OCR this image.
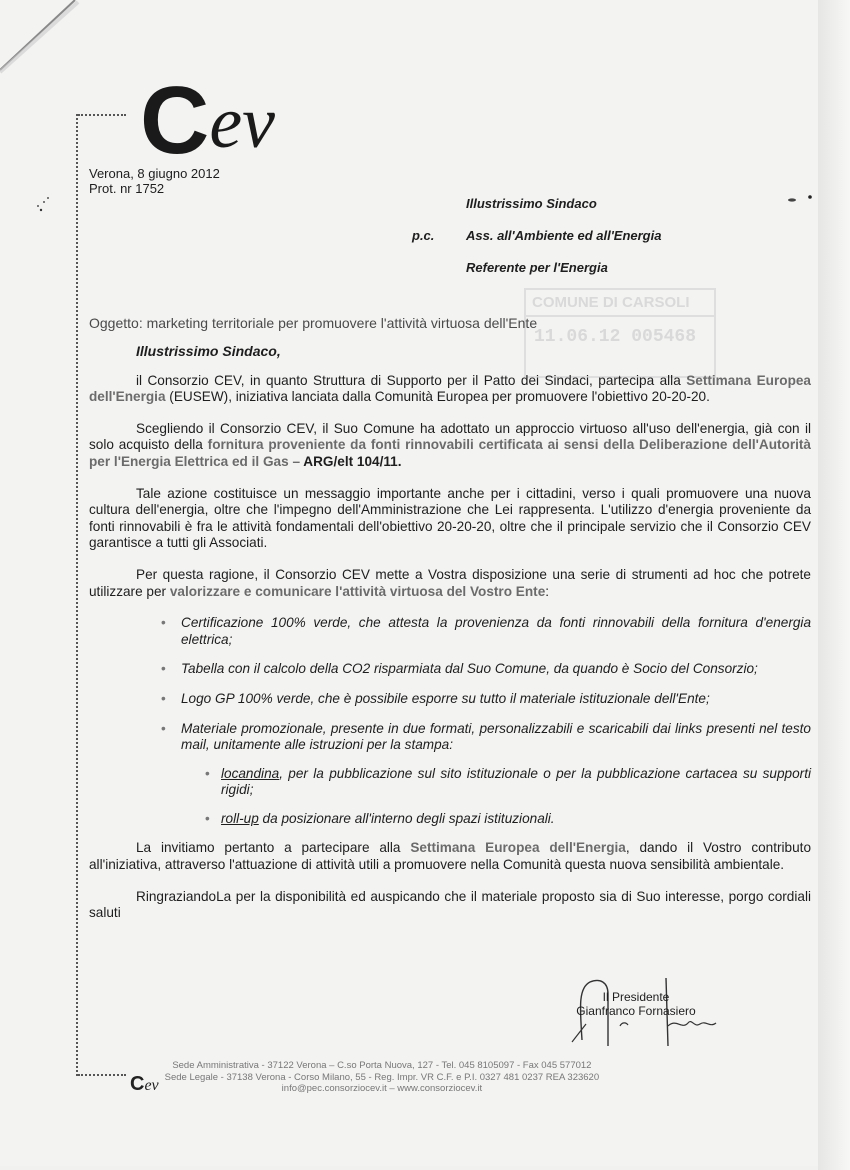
COMUNE DI CARSOLI
11.06.12 005468
C ev
Verona, 8 giugno 2012
Prot. nr 1752
Illustrissimo Sindaco
p.c.	Ass. all'Ambiente ed all'Energia
Referente per l'Energia
Oggetto: marketing territoriale per promuovere l'attività virtuosa dell'Ente

Illustrissimo Sindaco,

il Consorzio CEV, in quanto Struttura di Supporto per il Patto dei Sindaci, partecipa alla Settimana Europea dell'Energia (EUSEW), iniziativa lanciata dalla Comunità Europea per promuovere l'obiettivo 20-20-20.

Scegliendo il Consorzio CEV, il Suo Comune ha adottato un approccio virtuoso all'uso dell'energia, già con il solo acquisto della fornitura proveniente da fonti rinnovabili certificata ai sensi della Deliberazione dell'Autorità per l'Energia Elettrica ed il Gas – ARG/elt 104/11.

Tale azione costituisce un messaggio importante anche per i cittadini, verso i quali promuovere una nuova cultura dell'energia, oltre che l'impegno dell'Amministrazione che Lei rappresenta. L'utilizzo d'energia proveniente da fonti rinnovabili è fra le attività fondamentali dell'obiettivo 20-20-20, oltre che il principale servizio che il Consorzio CEV garantisce a tutti gli Associati.

Per questa ragione, il Consorzio CEV mette a Vostra disposizione una serie di strumenti ad hoc che potrete utilizzare per valorizzare e comunicare l'attività virtuosa del Vostro Ente:

• Certificazione 100% verde, che attesta la provenienza da fonti rinnovabili della fornitura d'energia elettrica;
• Tabella con il calcolo della CO2 risparmiata dal Suo Comune, da quando è Socio del Consorzio;
• Logo GP 100% verde, che è possibile esporre su tutto il materiale istituzionale dell'Ente;
• Materiale promozionale, presente in due formati, personalizzabili e scaricabili dai links presenti nel testo mail, unitamente alle istruzioni per la stampa:
• locandina, per la pubblicazione sul sito istituzionale o per la pubblicazione cartacea su supporti rigidi;
• roll-up da posizionare all'interno degli spazi istituzionali.

La invitiamo pertanto a partecipare alla Settimana Europea dell'Energia, dando il Vostro contributo all'iniziativa, attraverso l'attuazione di attività utili a promuovere nella Comunità questa nuova sensibilità ambientale.

RingraziandoLa per la disponibilità ed auspicando che il materiale proposto sia di Suo interesse, porgo cordiali saluti

Il Presidente
Gianfranco Fornasiero
Cev
Sede Amministrativa - 37122 Verona – C.so Porta Nuova, 127 - Tel. 045 8105097 - Fax 045 577012
Sede Legale - 37138 Verona - Corso Milano, 55 - Reg. Impr. VR C.F. e P.I. 0327 481 0237 REA 323620
info@pec.consorziocev.it – www.consorziocev.it
